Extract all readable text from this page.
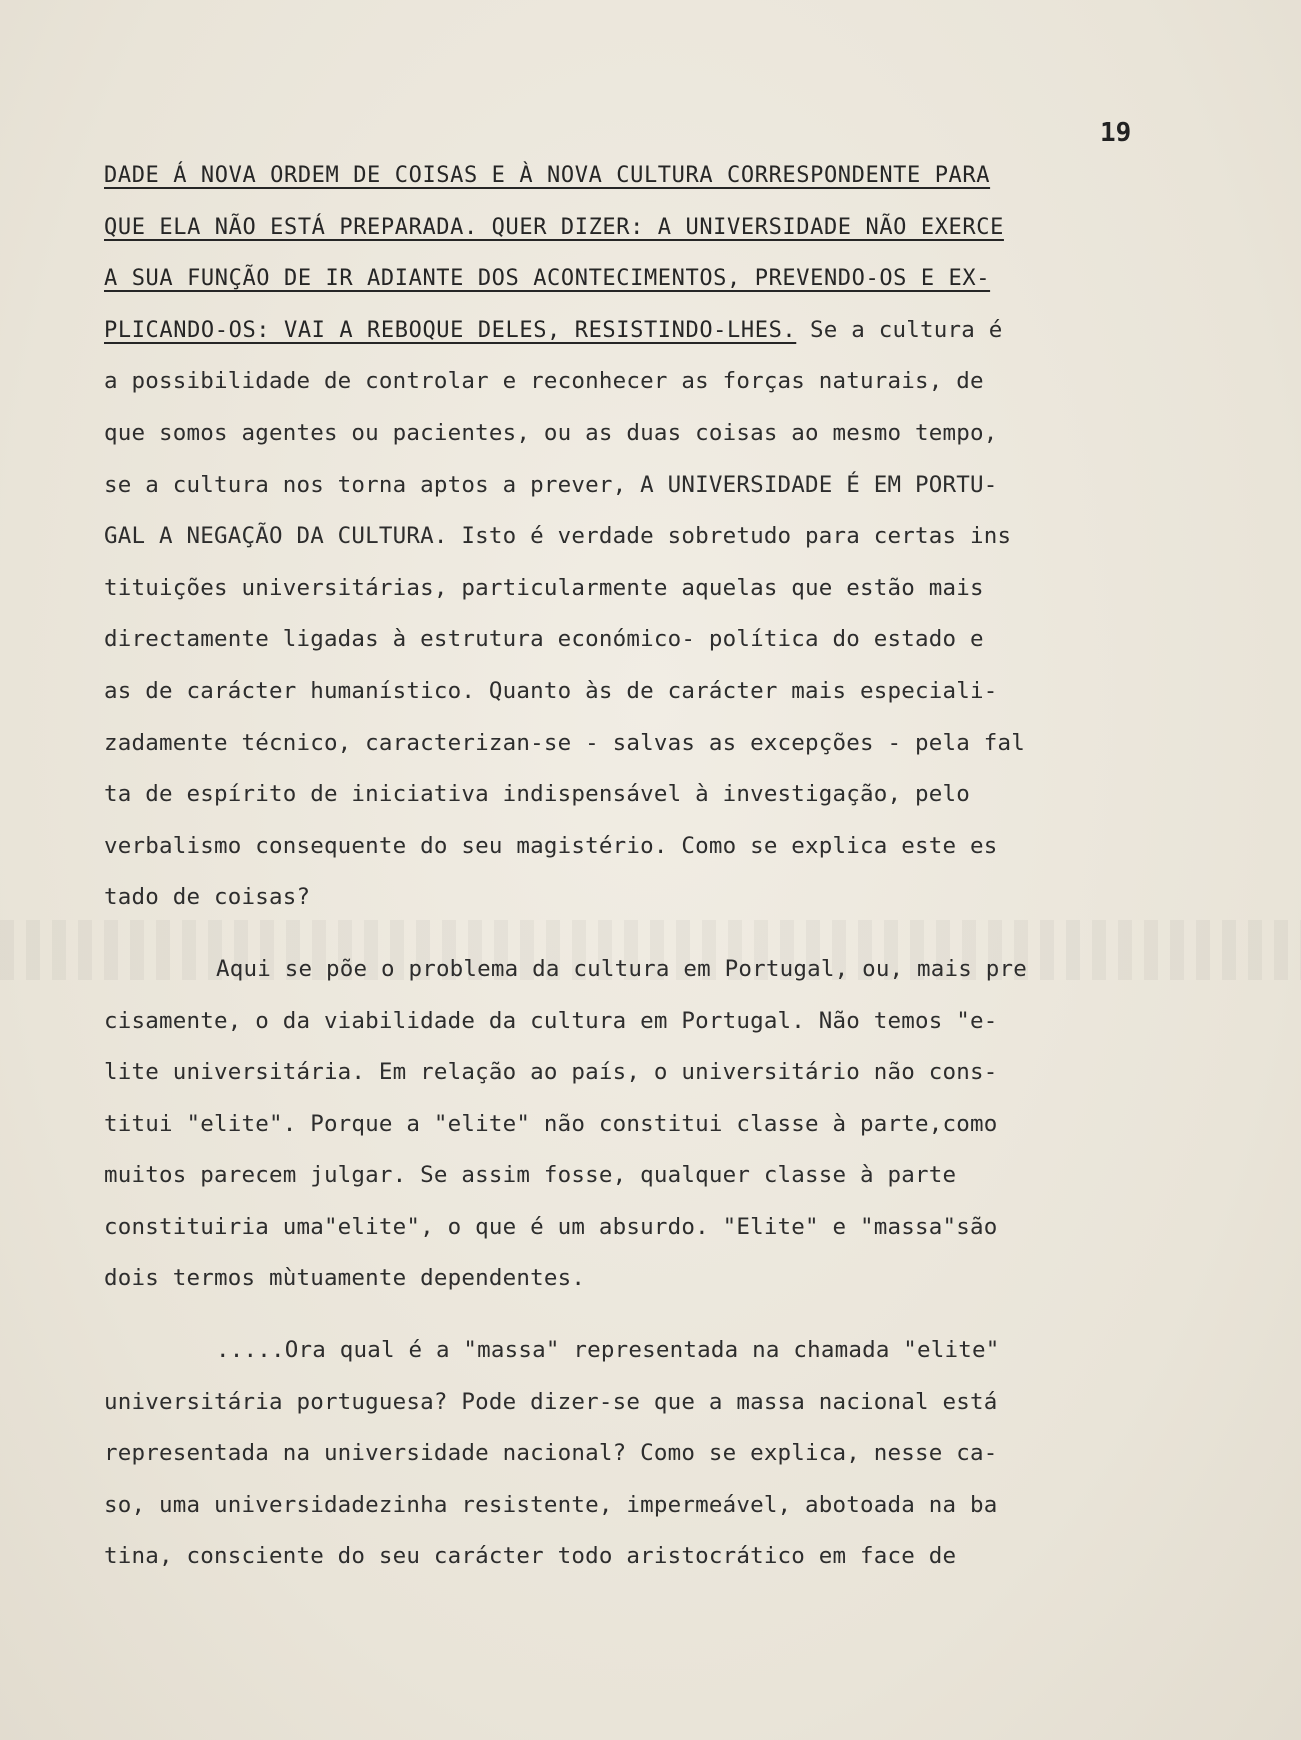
19
DADE Á NOVA ORDEM DE COISAS E À NOVA CULTURA CORRESPONDENTE PARA
QUE ELA NÃO ESTÁ PREPARADA. QUER DIZER: A UNIVERSIDADE NÃO EXERCE
A SUA FUNÇÃO DE IR ADIANTE DOS ACONTECIMENTOS, PREVENDO-OS E EX-
PLICANDO-OS: VAI A REBOQUE DELES, RESISTINDO-LHES. Se a cultura é
a possibilidade de controlar e reconhecer as forças naturais, de
que somos agentes ou pacientes, ou as duas coisas ao mesmo tempo,
se a cultura nos torna aptos a prever, A UNIVERSIDADE É EM PORTU-
GAL A NEGAÇÃO DA CULTURA. Isto é verdade sobretudo para certas ins
tituições universitárias, particularmente aquelas que estão mais
directamente ligadas à estrutura económico- política do estado e
as de carácter humanístico. Quanto às de carácter mais especiali-
zadamente técnico, caracterizan-se - salvas as excepções - pela fal
ta de espírito de iniciativa indispensável à investigação, pelo
verbalismo consequente do seu magistério. Como se explica este es
tado de coisas?
Aqui se põe o problema da cultura em Portugal, ou, mais pre
cisamente, o da viabilidade da cultura em Portugal. Não temos "e-
lite universitária. Em relação ao país, o universitário não cons-
titui "elite". Porque a "elite" não constitui classe à parte,como
muitos parecem julgar. Se assim fosse, qualquer classe à parte
constituiria uma"elite", o que é um absurdo. "Elite" e "massa"são
dois termos mùtuamente dependentes.
.....Ora qual é a "massa" representada na chamada "elite"
universitária portuguesa? Pode dizer-se que a massa nacional está
representada na universidade nacional? Como se explica, nesse ca-
so, uma universidadezinha resistente, impermeável, abotoada na ba
tina, consciente do seu carácter todo aristocrático em face de
